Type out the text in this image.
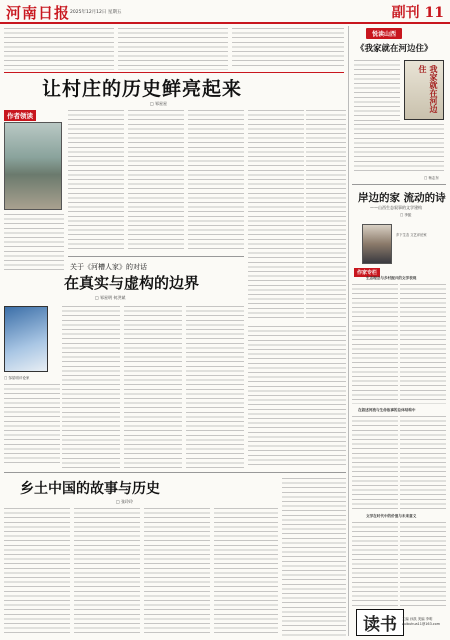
河南日报 2025年12月12日 星期五	副刊 11
让村庄的历史鲜亮起来
□ 邹星星
作者领读
关于《河槽人家》的对话
在真实与虚构的边界
□ 邹星明 何洪斌
□ 邹星明评论家
乡土中国的故事与历史
□ 张玲玲
悦读山西
《我家就在河边住》
我家就在河边住
□ 杨志东
岸边的家 流动的诗
——山西生态叙事的文学建构
□ 李振
乡下生态 文艺评论家
作家专栏
生态理念与乡村振兴的文学表现
在叙述河流与生命故事的总体结构中
文学在时代中的价值与未来意义
读书	主编 孙凯 美编 李明
zuibuhua11@163.com
